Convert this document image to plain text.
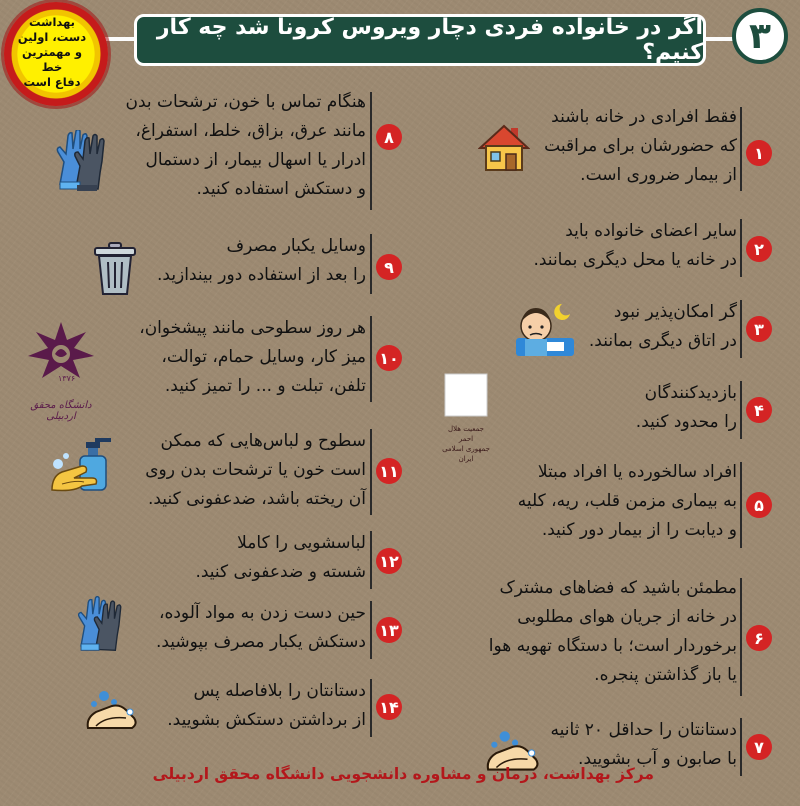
اگر در خانواده فردی دچار ویروس کرونا شد چه کار کنیم؟	۳
بهداشت
دست، اولین
و مهمترین خط
دفاع است
۱
فقط افرادی در خانه باشند
که حضورشان برای مراقبت
از بیمار ضروری است.
۲
سایر اعضای خانواده باید
در خانه یا محل دیگری بمانند.
۳
گر امکان‌پذیر نبود
در اتاق دیگری بمانند.
۴
بازدیدکنندگان
را محدود کنید.
۵
افراد سالخورده یا افراد مبتلا
به بیماری مزمن قلب، ریه، کلیه
و دیابت را از بیمار دور کنید.
۶
مطمئن باشید که فضاهای مشترک
در خانه از جریان هوای مطلوبی
برخوردار است؛ با دستگاه تهویه هوا
یا باز گذاشتن پنجره.
۷
دستانتان را حداقل ۲۰ ثانیه
با صابون و آب بشویید.
۸
هنگام تماس با خون، ترشحات بدن
مانند عرق، بزاق، خلط، استفراغ،
ادرار یا اسهال بیمار، از دستمال
و دستکش استفاده کنید.
۹
وسایل یکبار مصرف
را بعد از استفاده دور بیندازید.
۱۰
هر روز سطوحی مانند پیشخوان،
میز کار، وسایل حمام، توالت،
تلفن، تبلت و ... را تمیز کنید.
۱۱
سطوح و لباس‌هایی که ممکن
است خون یا ترشحات بدن روی
آن ریخته باشد، ضدعفونی کنید.
۱۲
لباسشویی را کاملا
شسته و ضدعفونی کنید.
۱۳
حین دست زدن به مواد آلوده،
دستکش یکبار مصرف بپوشید.
۱۴
دستانتان را بلافاصله پس
از برداشتن دستکش بشویید.
جمعیت هلال احمر
جمهوری اسلامی ایران
۱۳۷۶
دانشگاه محقق اردبیلی
مرکز بهداشت، درمان و مشاوره دانشجویی دانشگاه محقق اردبیلی
